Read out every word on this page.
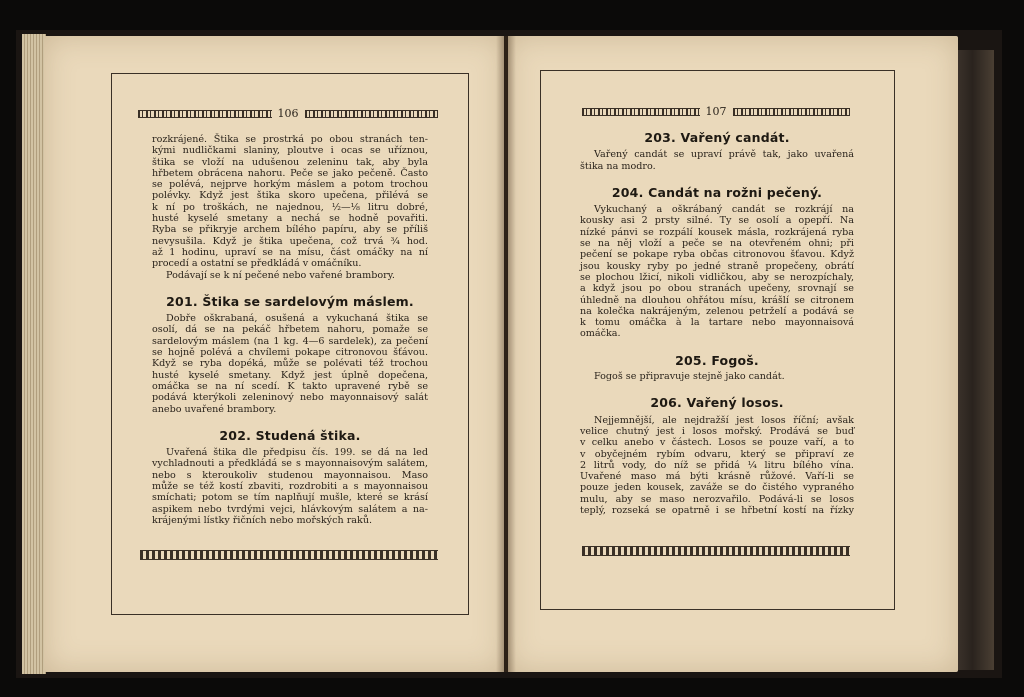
106	107

rozkrájené. Štika se prostrká po obou stranách ten-

kými nudličkami slaniny, ploutve i ocas se uříznou,

štika se vloží na udušenou zeleninu tak, aby byla

hřbetem obrácena nahoru. Peče se jako pečeně. Často

se polévá, nejprve horkým máslem a potom trochou

polévky. Když jest štika skoro upečena, přilévá se

k ní po troškách, ne najednou, ½—⅛ litru dobré,

husté kyselé smetany a nechá se hodně povařiti.

Ryba se přikryje archem bílého papíru, aby se příliš

nevysušila. Když je štika upečena, což trvá ¾ hod.

až 1 hodinu, upraví se na mísu, část omáčky na ní

procedí a ostatní se předkládá v omáčníku.

Podávají se k ní pečené nebo vařené brambory.

201. Štika se sardelovým máslem.

Dobře oškrabaná, osušená a vykuchaná štika se

osolí, dá se na pekáč hřbetem nahoru, pomaže se

sardelovým máslem (na 1 kg. 4—6 sardelek), za pečení

se hojně polévá a chvílemi pokape citronovou šťávou.

Když se ryba dopéká, může se polévati též trochou

husté kyselé smetany. Když jest úplně dopečena,

omáčka se na ní scedí. K takto upravené rybě se

podává kterýkoli zeleninový nebo mayonnaisový salát

anebo uvařené brambory.

202. Studená štika.

Uvařená štika dle předpisu čís. 199. se dá na led

vychladnouti a předkládá se s mayonnaisovým salátem,

nebo s kteroukoliv studenou mayonnaisou. Maso

může se též kostí zbaviti, rozdrobiti a s mayonnaisou

smíchati; potom se tím naplňují mušle, které se krásí

aspikem nebo tvrdými vejci, hlávkovým salátem a na-

krájenými lístky řičních nebo mořských raků.

203. Vařený candát.

Vařený candát se upraví právě tak, jako uvařená

štika na modro.

204. Candát na rožni pečený.

Vykuchaný a oškrábaný candát se rozkrájí na

kousky asi 2 prsty silné. Ty se osolí a opepří. Na

nízké pánvi se rozpálí kousek másla, rozkrájená ryba

se na něj vloží a peče se na otevřeném ohni; při

pečení se pokape ryba občas citronovou šťavou. Když

jsou kousky ryby po jedné straně propečeny, obrátí

se plochou lžicí, nikoli vidličkou, aby se nerozpíchaly,

a když jsou po obou stranách upečeny, srovnají se

úhledně na dlouhou ohřátou mísu, krášlí se citronem

na kolečka nakrájeným, zelenou petrželí a podává se

k tomu omáčka à la tartare nebo mayonnaisová

omáčka.

205. Fogoš.

Fogoš se připravuje stejně jako candát.

206. Vařený losos.

Nejjemnější, ale nejdražší jest losos říční; avšak

velice chutný jest i losos mořský. Prodává se buď

v celku anebo v částech. Losos se pouze vaří, a to

v obyčejném rybím odvaru, který se připraví ze

2 litrů vody, do níž se přidá ¼ litru bílého vína.

Uvařené maso má býti krásně růžové. Vaří-li se

pouze jeden kousek, zaváže se do čistého vypraného

mulu, aby se maso nerozvařilo. Podává-li se losos

teplý, rozseká se opatrně i se hřbetní kostí na řízky
